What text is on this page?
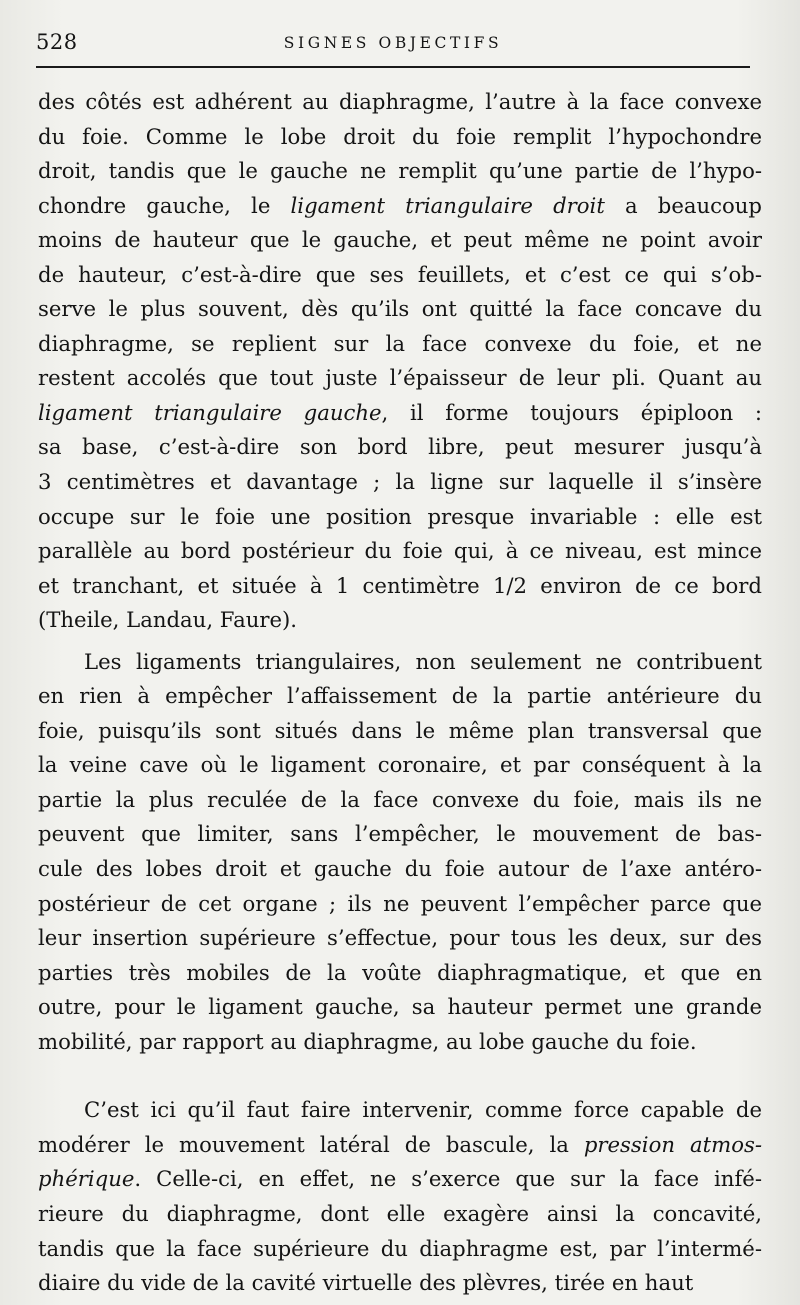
528	SIGNES OBJECTIFS
des côtés est adhérent au diaphragme, l’autre à la face convexe
du foie. Comme le lobe droit du foie remplit l’hypochondre
droit, tandis que le gauche ne remplit qu’une partie de l’hypo-
chondre gauche, le ligament triangulaire droit a beaucoup
moins de hauteur que le gauche, et peut même ne point avoir
de hauteur, c’est-à-dire que ses feuillets, et c’est ce qui s’ob-
serve le plus souvent, dès qu’ils ont quitté la face concave du
diaphragme, se replient sur la face convexe du foie, et ne
restent accolés que tout juste l’épaisseur de leur pli. Quant au
ligament triangulaire gauche, il forme toujours épiploon :
sa base, c’est-à-dire son bord libre, peut mesurer jusqu’à
3 centimètres et davantage ; la ligne sur laquelle il s’insère
occupe sur le foie une position presque invariable : elle est
parallèle au bord postérieur du foie qui, à ce niveau, est mince
et tranchant, et située à 1 centimètre 1/2 environ de ce bord
(Theile, Landau, Faure).
Les ligaments triangulaires, non seulement ne contribuent
en rien à empêcher l’affaissement de la partie antérieure du
foie, puisqu’ils sont situés dans le même plan transversal que
la veine cave où le ligament coronaire, et par conséquent à la
partie la plus reculée de la face convexe du foie, mais ils ne
peuvent que limiter, sans l’empêcher, le mouvement de bas-
cule des lobes droit et gauche du foie autour de l’axe antéro-
postérieur de cet organe ; ils ne peuvent l’empêcher parce que
leur insertion supérieure s’effectue, pour tous les deux, sur des
parties très mobiles de la voûte diaphragmatique, et que en
outre, pour le ligament gauche, sa hauteur permet une grande
mobilité, par rapport au diaphragme, au lobe gauche du foie.
C’est ici qu’il faut faire intervenir, comme force capable de
modérer le mouvement latéral de bascule, la pression atmos-
phérique. Celle-ci, en effet, ne s’exerce que sur la face infé-
rieure du diaphragme, dont elle exagère ainsi la concavité,
tandis que la face supérieure du diaphragme est, par l’intermé-
diaire du vide de la cavité virtuelle des plèvres, tirée en haut
